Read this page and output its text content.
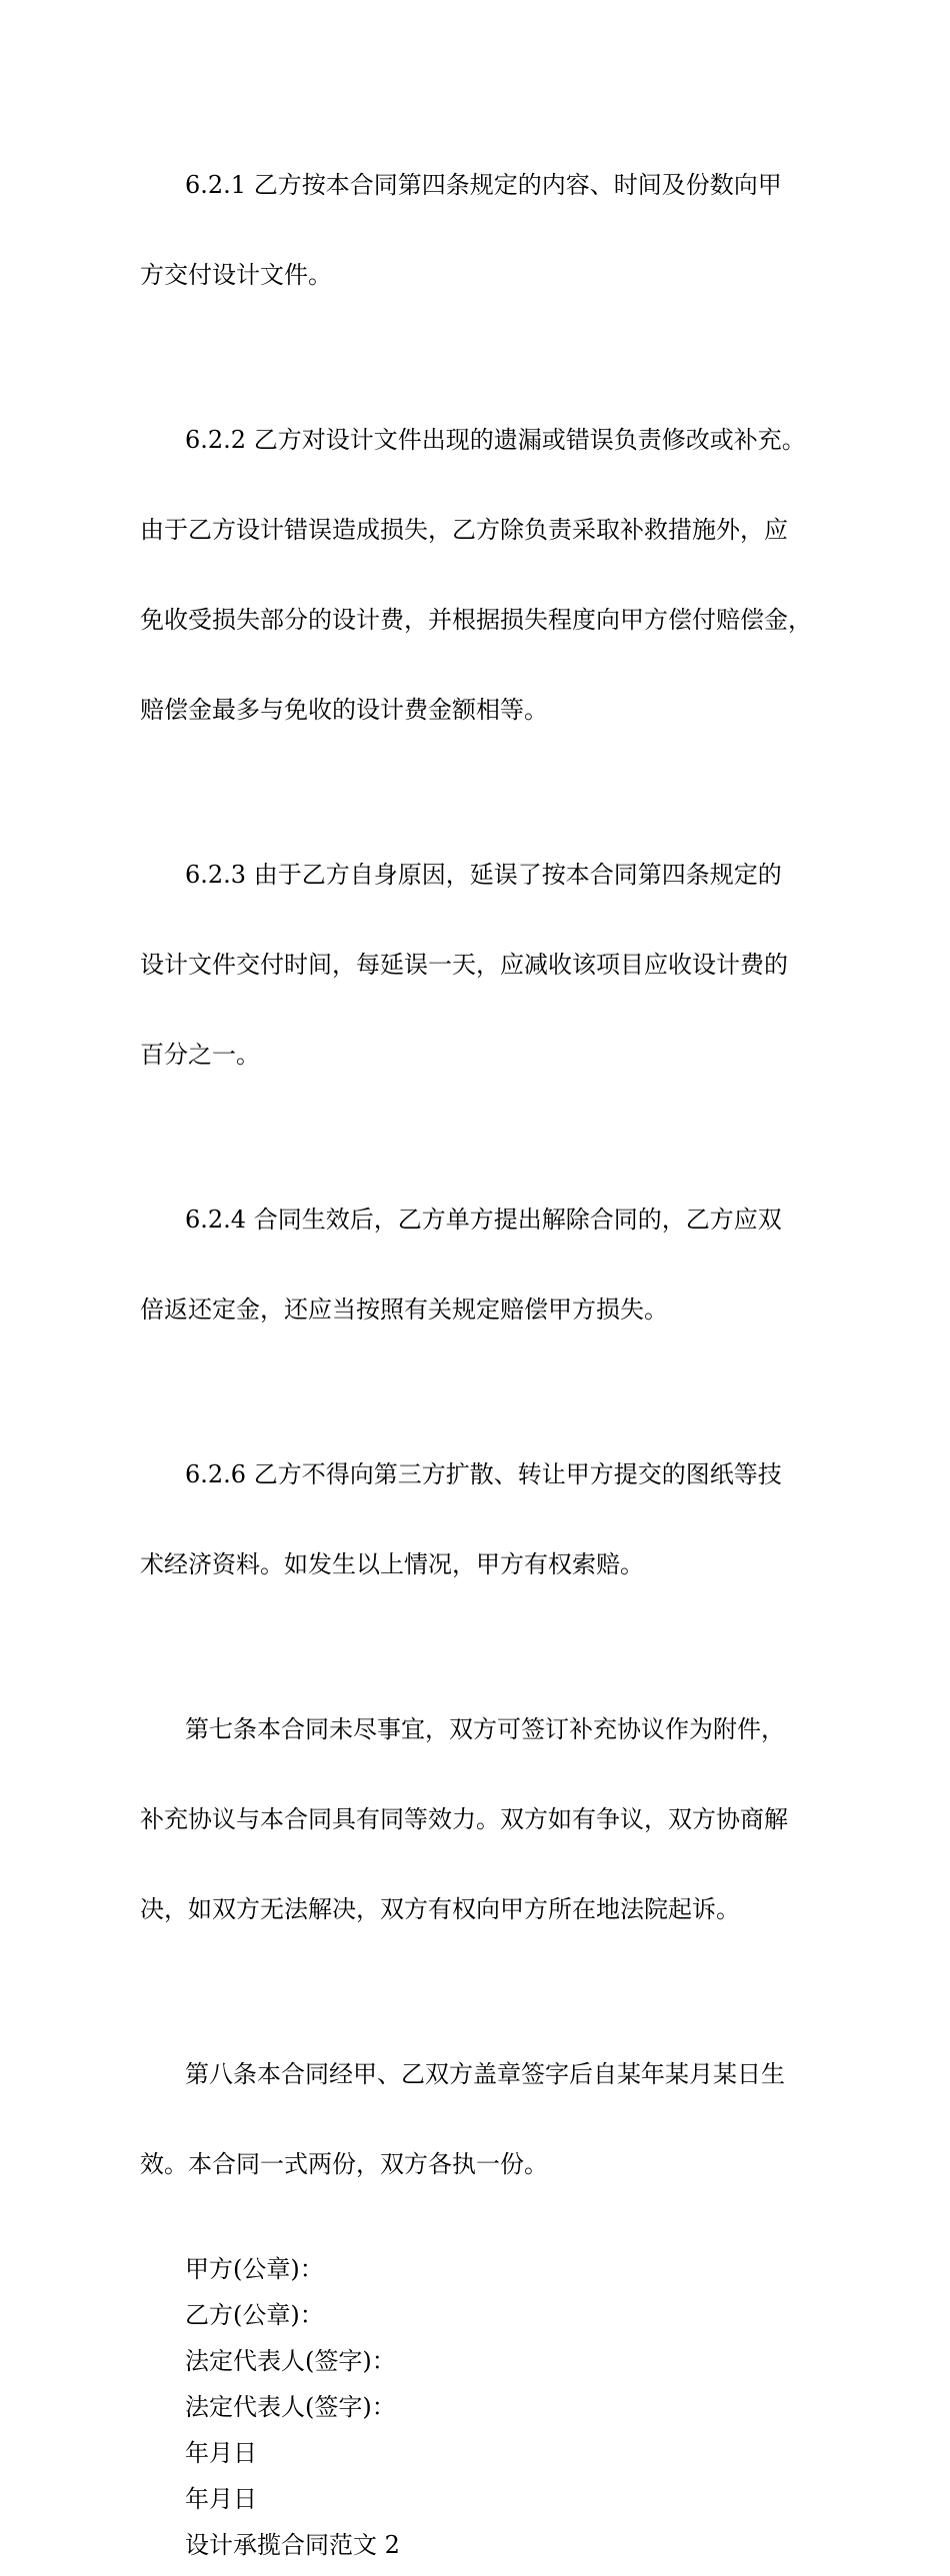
6.2.1 乙方按本合同第四条规定的内容、时间及份数向甲

方交付设计文件。

6.2.2 乙方对设计文件出现的遗漏或错误负责修改或补充。

由于乙方设计错误造成损失，乙方除负责采取补救措施外，应

免收受损失部分的设计费，并根据损失程度向甲方偿付赔偿金，

赔偿金最多与免收的设计费金额相等。

6.2.3 由于乙方自身原因，延误了按本合同第四条规定的

设计文件交付时间，每延误一天，应减收该项目应收设计费的

百分之一。

6.2.4 合同生效后，乙方单方提出解除合同的，乙方应双

倍返还定金，还应当按照有关规定赔偿甲方损失。

6.2.6 乙方不得向第三方扩散、转让甲方提交的图纸等技

术经济资料。如发生以上情况，甲方有权索赔。

第七条本合同未尽事宜，双方可签订补充协议作为附件，

补充协议与本合同具有同等效力。双方如有争议，双方协商解

决，如双方无法解决，双方有权向甲方所在地法院起诉。

第八条本合同经甲、乙双方盖章签字后自某年某月某日生

效。本合同一式两份，双方各执一份。

甲方(公章)：
乙方(公章)：
法定代表人(签字)：
法定代表人(签字)：
年月日
年月日
设计承揽合同范文 2
